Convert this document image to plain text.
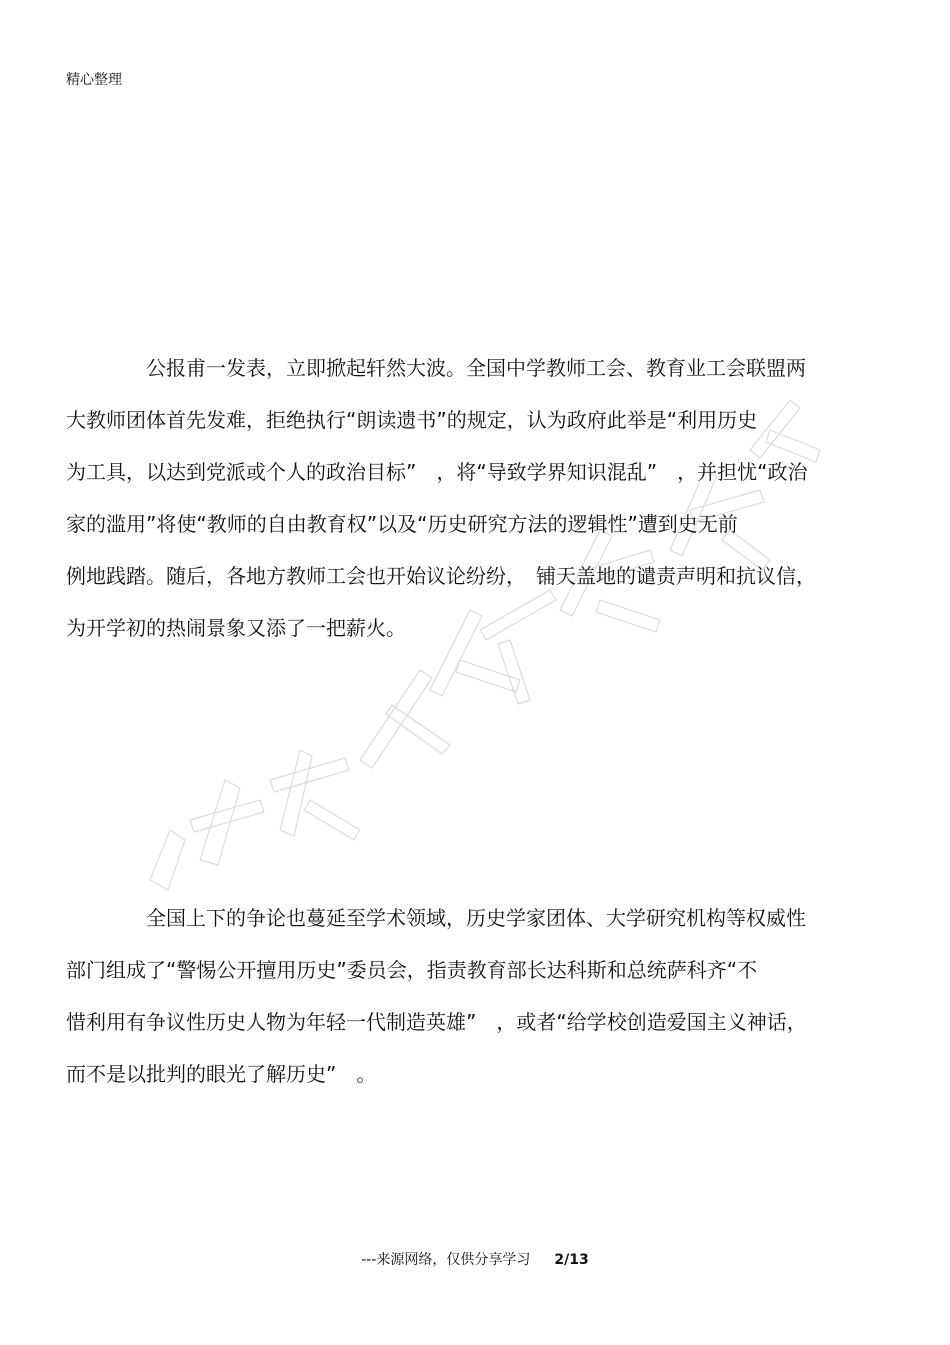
精心整理
公报甫一发表，立即掀起轩然大波。全国中学教师工会、教育业工会联盟两
大教师团体首先发难，拒绝执行“朗读遗书”的规定，认为政府此举是“利用历史
为工具，以达到党派或个人的政治目标”　，将“导致学界知识混乱”　，并担忧“政治
家的滥用”将使“教师的自由教育权”以及“历史研究方法的逻辑性”遭到史无前
例地践踏。随后，各地方教师工会也开始议论纷纷，　铺天盖地的谴责声明和抗议信，
为开学初的热闹景象又添了一把薪火。
全国上下的争论也蔓延至学术领域，历史学家团体、大学研究机构等权威性
部门组成了“警惕公开擅用历史”委员会，指责教育部长达科斯和总统萨科齐“不
惜利用有争议性历史人物为年轻一代制造英雄”　，或者“给学校创造爱国主义神话，
而不是以批判的眼光了解历史”　。
---来源网络，仅供分享学习 2/13
